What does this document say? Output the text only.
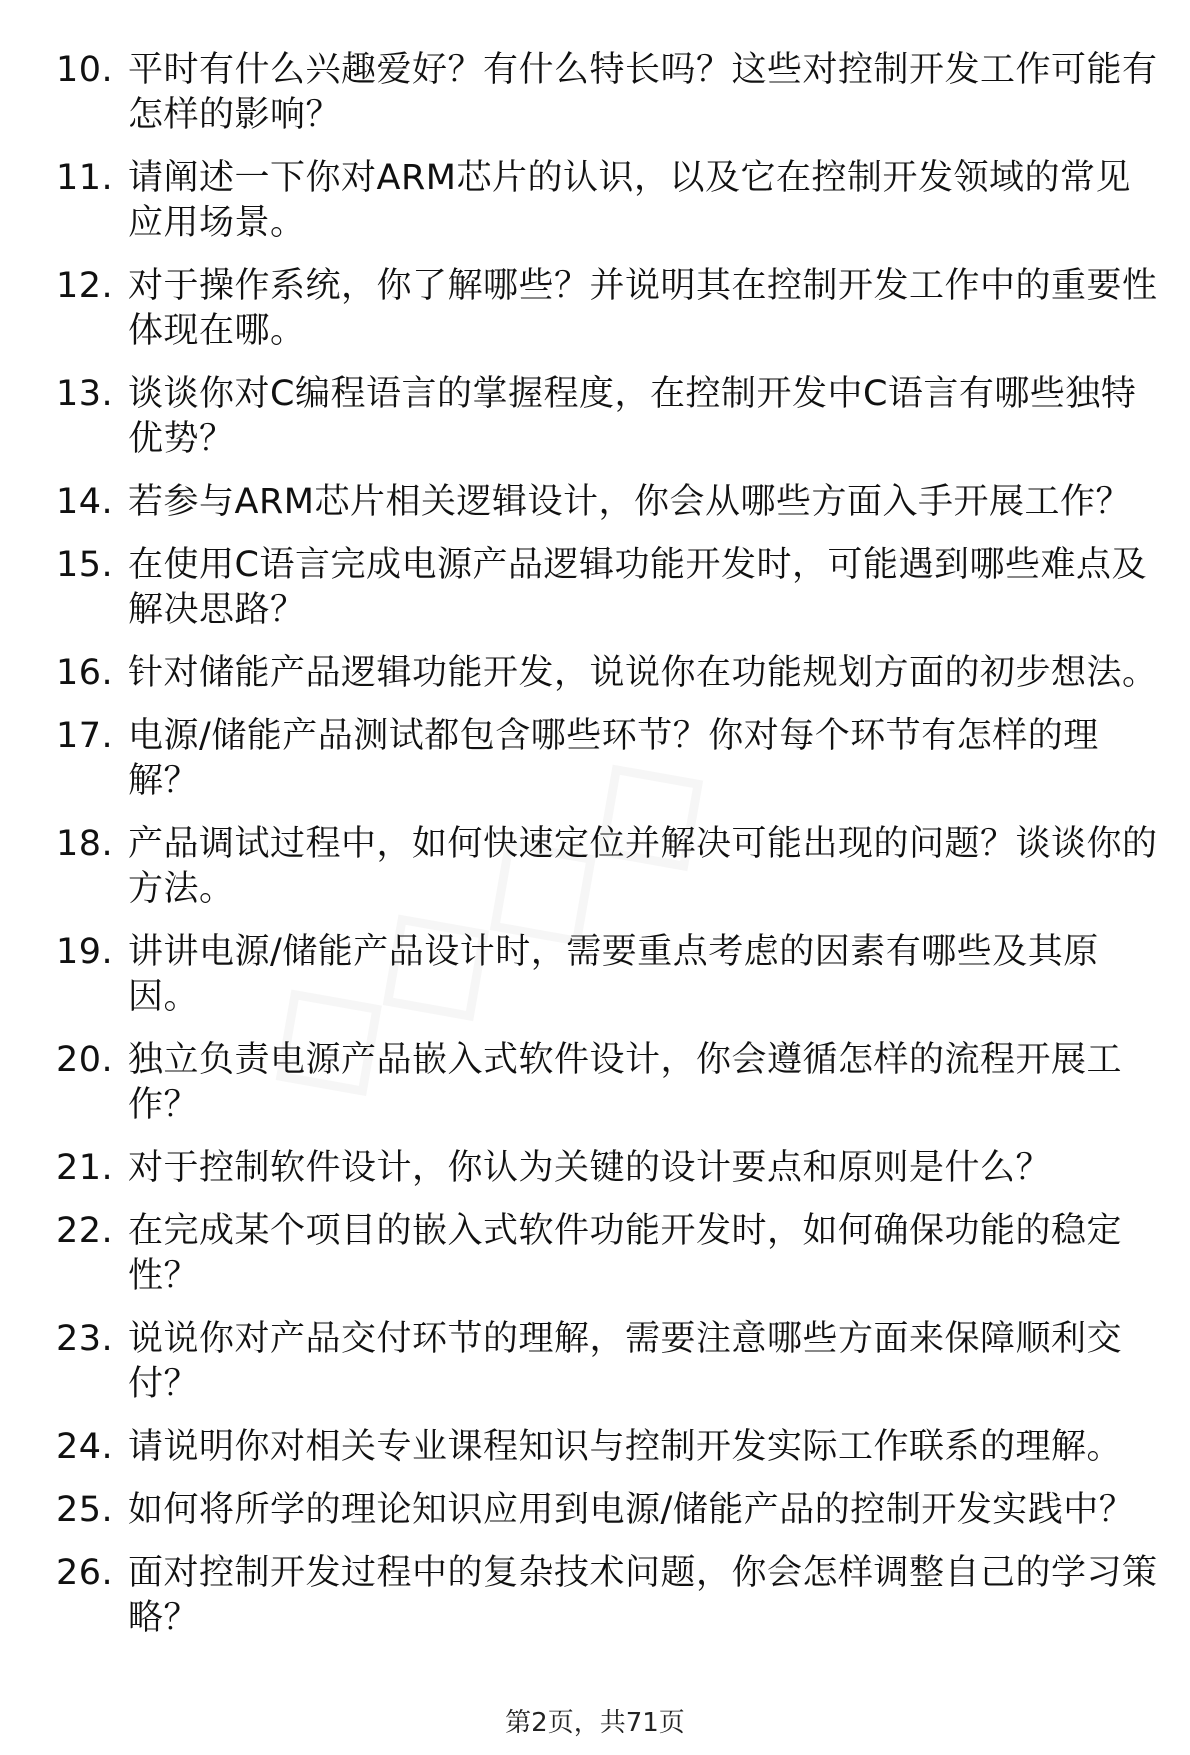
10. 平时有什么兴趣爱好？有什么特长吗？这些对控制开发工作可能有怎样的影响？
11. 请阐述一下你对ARM芯片的认识，以及它在控制开发领域的常见应用场景。
12. 对于操作系统，你了解哪些？并说明其在控制开发工作中的重要性体现在哪。
13. 谈谈你对C编程语言的掌握程度，在控制开发中C语言有哪些独特优势？
14. 若参与ARM芯片相关逻辑设计，你会从哪些方面入手开展工作？
15. 在使用C语言完成电源产品逻辑功能开发时，可能遇到哪些难点及解决思路？
16. 针对储能产品逻辑功能开发，说说你在功能规划方面的初步想法。
17. 电源/储能产品测试都包含哪些环节？你对每个环节有怎样的理解？
18. 产品调试过程中，如何快速定位并解决可能出现的问题？谈谈你的方法。
19. 讲讲电源/储能产品设计时，需要重点考虑的因素有哪些及其原因。
20. 独立负责电源产品嵌入式软件设计，你会遵循怎样的流程开展工作？
21. 对于控制软件设计，你认为关键的设计要点和原则是什么？
22. 在完成某个项目的嵌入式软件功能开发时，如何确保功能的稳定性？
23. 说说你对产品交付环节的理解，需要注意哪些方面来保障顺利交付？
24. 请说明你对相关专业课程知识与控制开发实际工作联系的理解。
25. 如何将所学的理论知识应用到电源/储能产品的控制开发实践中？
26. 面对控制开发过程中的复杂技术问题，你会怎样调整自己的学习策略？
第2页，共71页
